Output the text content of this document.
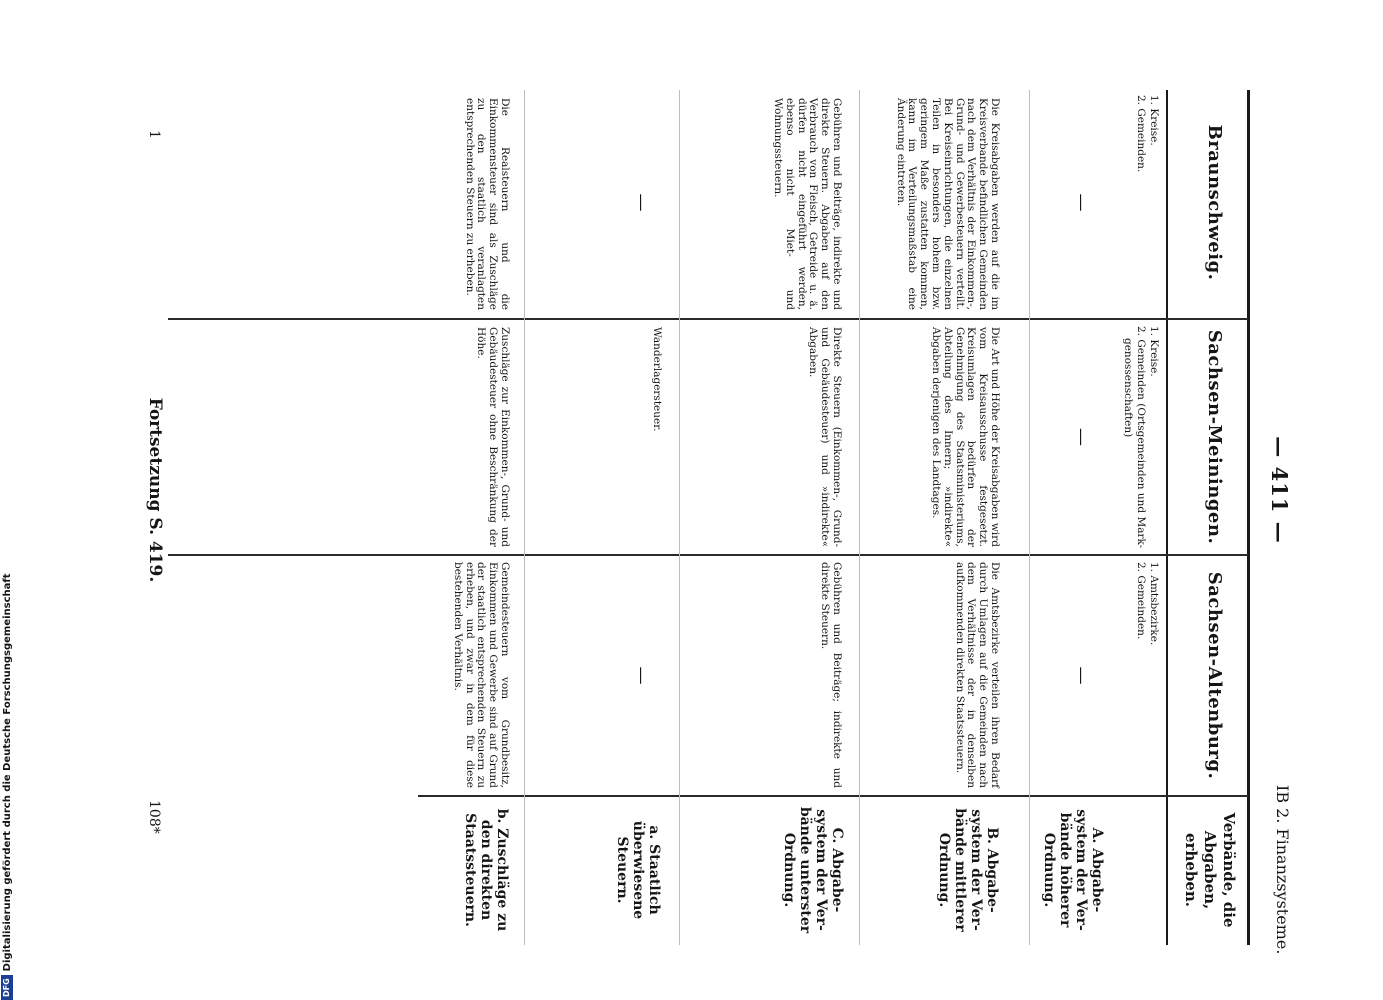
— 411 —
IB 2. Finanzsysteme.
Braunschweig.
Sachsen-Meiningen.
Sachsen-Altenburg.
Verbände, die Abgaben, erheben.
1. Kreise.
2. Gemeinden.
1. Kreise.
2. Gemeinden (Ortsgemeinden und Mark-
genossenschaften)
1. Amtsbezirke.
2. Gemeinden.
A. Abgabe-system der Ver-bände höherer Ordnung.
—
—
—
B. Abgabe-system der Ver-bände mittlerer Ordnung.
Die Kreisabgaben werden auf die im Kreisverbande befindlichen Gemeinden nach dem Verhältnis der Einkommen-, Grund- und Gewerbesteuern verteilt. Bei Kreiseinrichtungen, die einzelnen Teilen in besonders hohem bzw. geringem Maße zustatten kommen, kann im Verteilungsmaßstab eine Änderung eintreten.
Die Art und Höhe der Kreisabgaben wird vom Kreisausschusse festgesetzt. Kreisumlagen bedürfen der Genehmigung des Staatsministeriums, Abteilung des Innern; »indirekte« Abgaben derjenigen des Landtages.
Die Amtsbezirke verteilen ihren Bedarf durch Umlagen auf die Gemeinden nach dem Verhältnisse der in denselben aufkommenden direkten Staatssteuern.
C. Abgabe-system der Ver-bände unterster Ordnung.
Gebühren und Beiträge, indirekte und direkte Steuern. Abgaben auf den Verbrauch von Fleisch, Getreide u. ä. dürfen nicht eingeführt werden, ebenso nicht Miet- und Wohnungssteuern.
Direkte Steuern (Einkommen-, Grund- und Gebäudesteuer) und »indirekte« Abgaben.
Gebühren und Beiträge; indirekte und direkte Steuern.
a. Staatlich überwiesene Steuern.
—
Wanderlagersteuer.
—
b. Zuschläge zu den direkten Staatssteuern.
Die Realsteuern und die Einkommensteuer sind als Zuschläge zu den staatlich veranlagten entsprechenden Steuern zu erheben.
Zuschläge zur Einkommen-, Grund- und Gebäudesteuer ohne Beschränkung der Höhe.
Gemeindesteuern vom Grundbesitz, Einkommen und Gewerbe sind auf Grund der staatlich entsprechenden Steuern zu erheben, und zwar in dem für diese bestehenden Verhältnis.
1
Fortsetzung S. 419.
108*
DFG
Digitalisierung gefördert durch die Deutsche Forschungsgemeinschaft
